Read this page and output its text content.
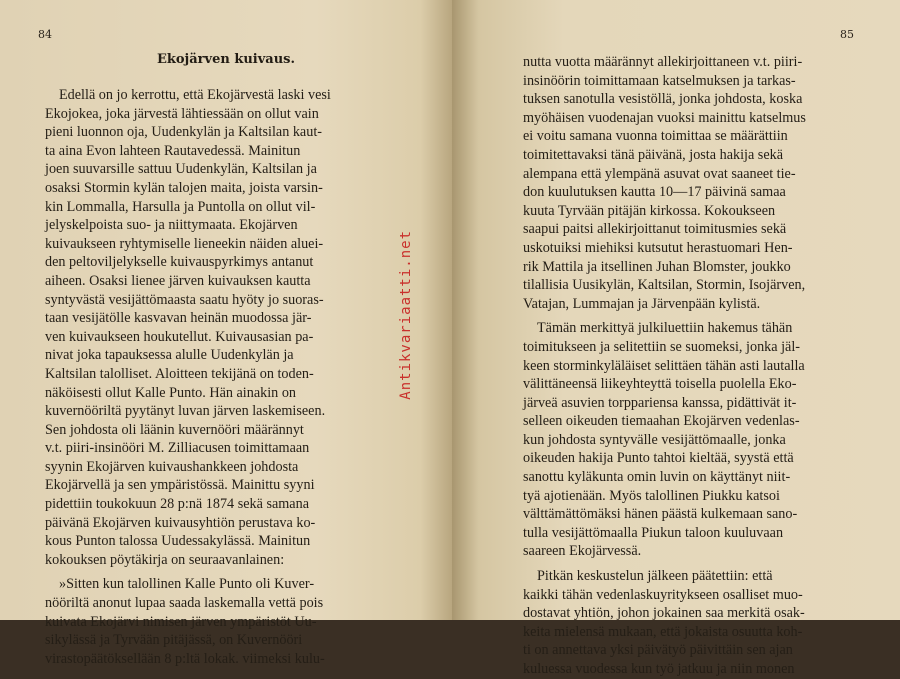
84
Ekojärven kuivaus.
Edellä on jo kerrottu, että Ekojärvestä laski vesi
Ekojokea, joka järvestä lähtiessään on ollut vain
pieni luonnon oja, Uudenkylän ja Kaltsilan kaut-
ta aina Evon lahteen Rautavedessä. Mainitun
joen suuvarsille sattuu Uudenkylän, Kaltsilan ja
osaksi Stormin kylän talojen maita, joista varsin-
kin Lommalla, Harsulla ja Puntolla on ollut vil-
jelyskelpoista suo- ja niittymaata. Ekojärven
kuivaukseen ryhtymiselle lieneekin näiden aluei-
den peltoviljelykselle kuivauspyrkimys antanut
aiheen. Osaksi lienee järven kuivauksen kautta
syntyvästä vesijättömaasta saatu hyöty jo suoras-
taan vesijätölle kasvavan heinän muodossa jär-
ven kuivaukseen houkutellut. Kuivausasian pa-
nivat joka tapauksessa alulle Uudenkylän ja
Kaltsilan talolliset. Aloitteen tekijänä on toden-
näköisesti ollut Kalle Punto. Hän ainakin on
kuvernööriltä pyytänyt luvan järven laskemiseen.
Sen johdosta oli läänin kuvernööri määrännyt
v.t. piiri-insinööri M. Zilliacusen toimittamaan
syynin Ekojärven kuivaushankkeen johdosta
Ekojärvellä ja sen ympäristössä. Mainittu syyni
pidettiin toukokuun 28 p:nä 1874 sekä samana
päivänä Ekojärven kuivausyhtiön perustava ko-
kous Punton talossa Uudessakylässä. Mainitun
kokouksen pöytäkirja on seuraavanlainen:
»Sitten kun talollinen Kalle Punto oli Kuver-
nööriltä anonut lupaa saada laskemalla vettä pois
kuivata Ekojärvi nimisen järven ympäristöt Uu-
sikylässä ja Tyrvään pitäjässä, on Kuvernööri
virastopäätöksellään 8 p:ltä lokak. viimeksi kulu-
Antikvariaatti.net
85
nutta vuotta määrännyt allekirjoittaneen v.t. piiri-
insinöörin toimittamaan katselmuksen ja tarkas-
tuksen sanotulla vesistöllä, jonka johdosta, koska
myöhäisen vuodenajan vuoksi mainittu katselmus
ei voitu samana vuonna toimittaa se määrättiin
toimitettavaksi tänä päivänä, josta hakija sekä
alempana että ylempänä asuvat ovat saaneet tie-
don kuulutuksen kautta 10—17 päivinä samaa
kuuta Tyrvään pitäjän kirkossa. Kokoukseen
saapui paitsi allekirjoittanut toimitusmies sekä
uskotuiksi miehiksi kutsutut herastuomari Hen-
rik Mattila ja itsellinen Juhan Blomster, joukko
tilallisia Uusikylän, Kaltsilan, Stormin, Isojärven,
Vatajan, Lummajan ja Järvenpään kylistä.
Tämän merkittyä julkiluettiin hakemus tähän
toimitukseen ja selitettiin se suomeksi, jonka jäl-
keen storminkyläläiset selittäen tähän asti lautalla
välittäneensä liikeyhteyttä toisella puolella Eko-
järveä asuvien torppariensa kanssa, pidättivät it-
selleen oikeuden tiemaahan Ekojärven vedenlas-
kun johdosta syntyvälle vesijättömaalle, jonka
oikeuden hakija Punto tahtoi kieltää, syystä että
sanottu kyläkunta omin luvin on käyttänyt niit-
tyä ajotienään. Myös talollinen Piukku katsoi
välttämättömäksi hänen päästä kulkemaan sano-
tulla vesijättömaalla Piukun taloon kuuluvaan
saareen Ekojärvessä.
Pitkän keskustelun jälkeen päätettiin: että
kaikki tähän vedenlaskuyritykseen osalliset muo-
dostavat yhtiön, johon jokainen saa merkitä osak-
keita mielensä mukaan, että jokaista osuutta koh-
ti on annettava yksi päivätyö päivittäin sen ajan
kuluessa vuodessa kun työ jatkuu ja niin monen
